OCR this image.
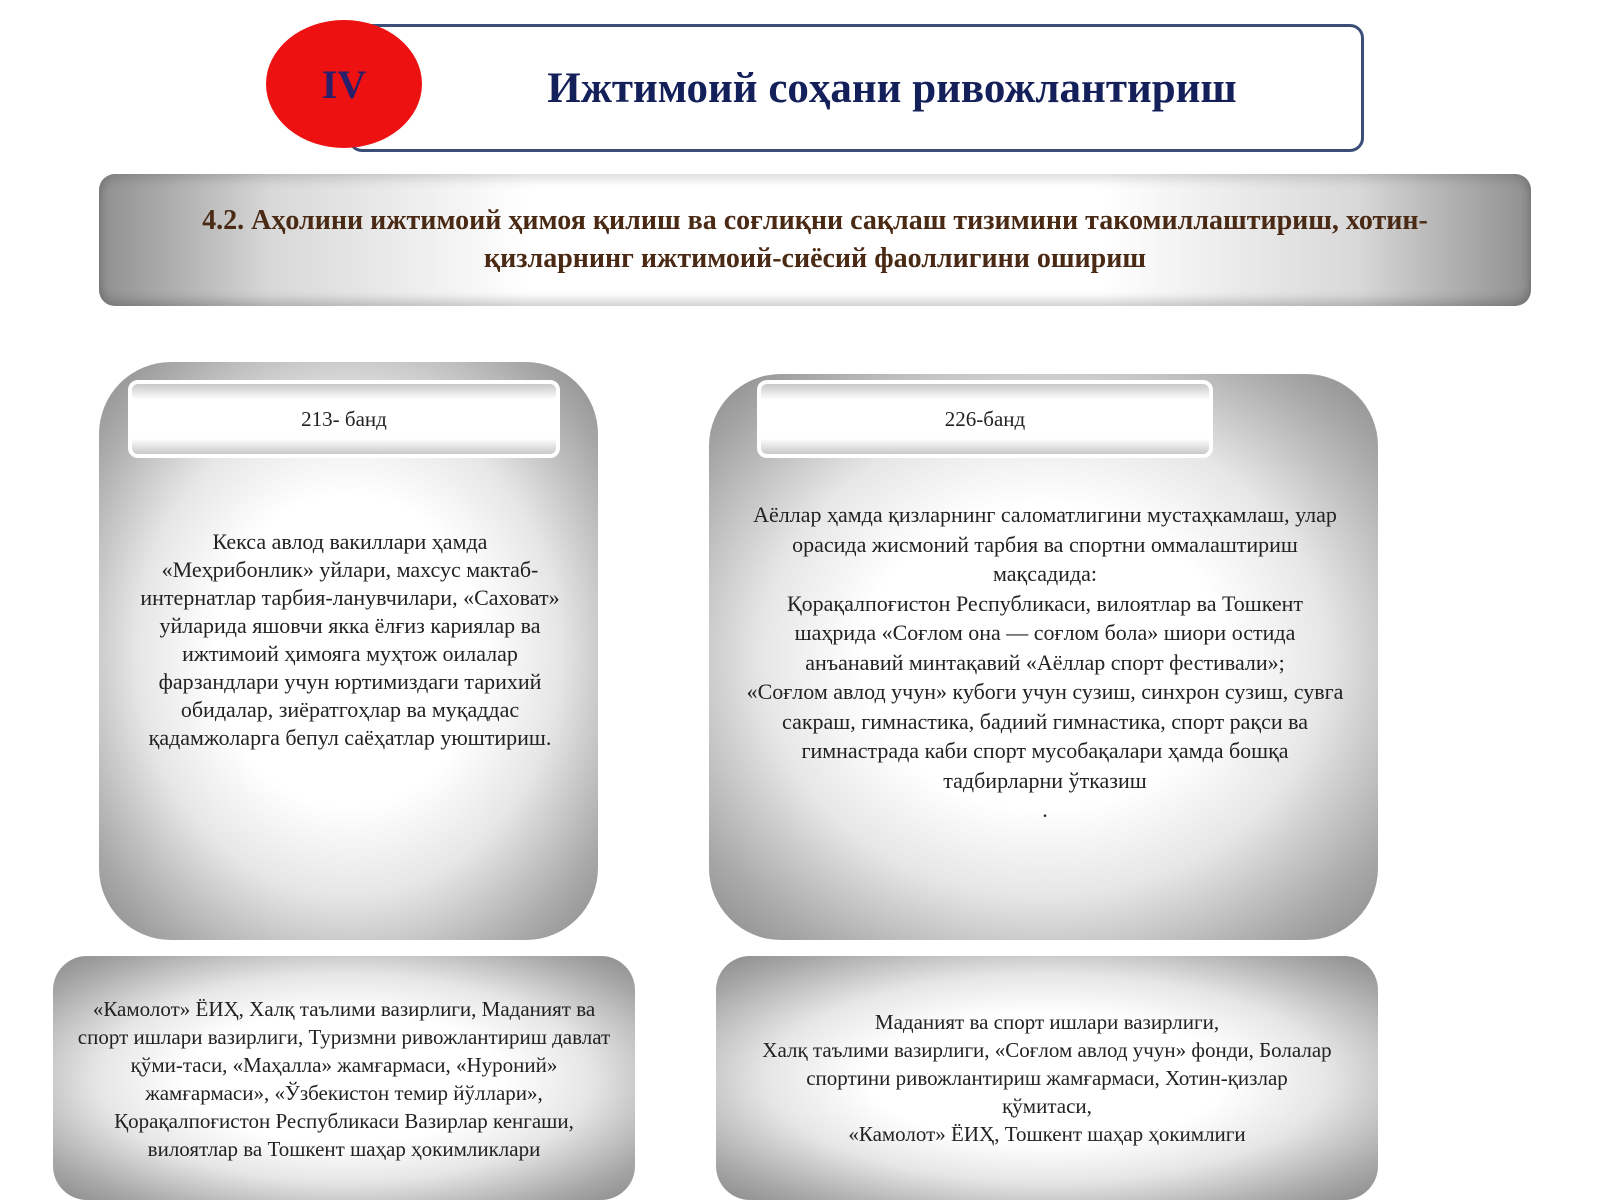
IV	Ижтимоий соҳани ривожлантириш
4.2. Аҳолини ижтимоий ҳимоя қилиш ва соғлиқни сақлаш тизимини такомиллаштириш, хотин-
қизларнинг ижтимоий-сиёсий фаоллигини ошириш
213- банд
Кекса авлод вакиллари ҳамда «Меҳрибонлик» уйлари, махсус мактаб-интернатлар тарбия-ланувчилари, «Саховат» уйларида яшовчи якка ёлғиз кариялар ва ижтимоий ҳимояга муҳтож оилалар фарзандлари учун юртимиздаги тарихий обидалар, зиёратгоҳлар ва муқаддас қадамжоларга бепул саёҳатлар уюштириш.
226-банд

Аёллар ҳамда қизларнинг саломатлигини мустаҳкамлаш, улар орасида жисмоний тарбия ва спортни оммалаштириш мақсадида:

Қорақалпоғистон Республикаси, вилоятлар ва Тошкент шаҳрида «Соғлом она — соғлом бола» шиори остида анъанавий минтақавий «Аёллар спорт фестивали»;

«Соғлом авлод учун» кубоги учун сузиш, синхрон сузиш, сувга сакраш, гимнастика, бадиий гимнастика, спорт рақси ва гимнастрада каби спорт мусобақалари ҳамда бошқа тадбирларни ўтказиш

.

«Камолот» ЁИҲ, Халқ таълими вазирлиги, Маданият ва спорт ишлари вазирлиги, Туризмни ривожлантириш давлат қўми-таси, «Маҳалла» жамғармаси, «Нуроний» жамғармаси», «Ўзбекистон темир йўллари», Қорақалпоғистон Республикаси Вазирлар кенгаши, вилоятлар ва Тошкент шаҳар ҳокимликлари

Маданият ва спорт ишлари вазирлиги,

Халқ таълими вазирлиги, «Соғлом авлод учун» фонди, Болалар спортини ривожлантириш жамғармаси, Хотин-қизлар қўмитаси,

«Камолот» ЁИҲ, Тошкент шаҳар ҳокимлиги
